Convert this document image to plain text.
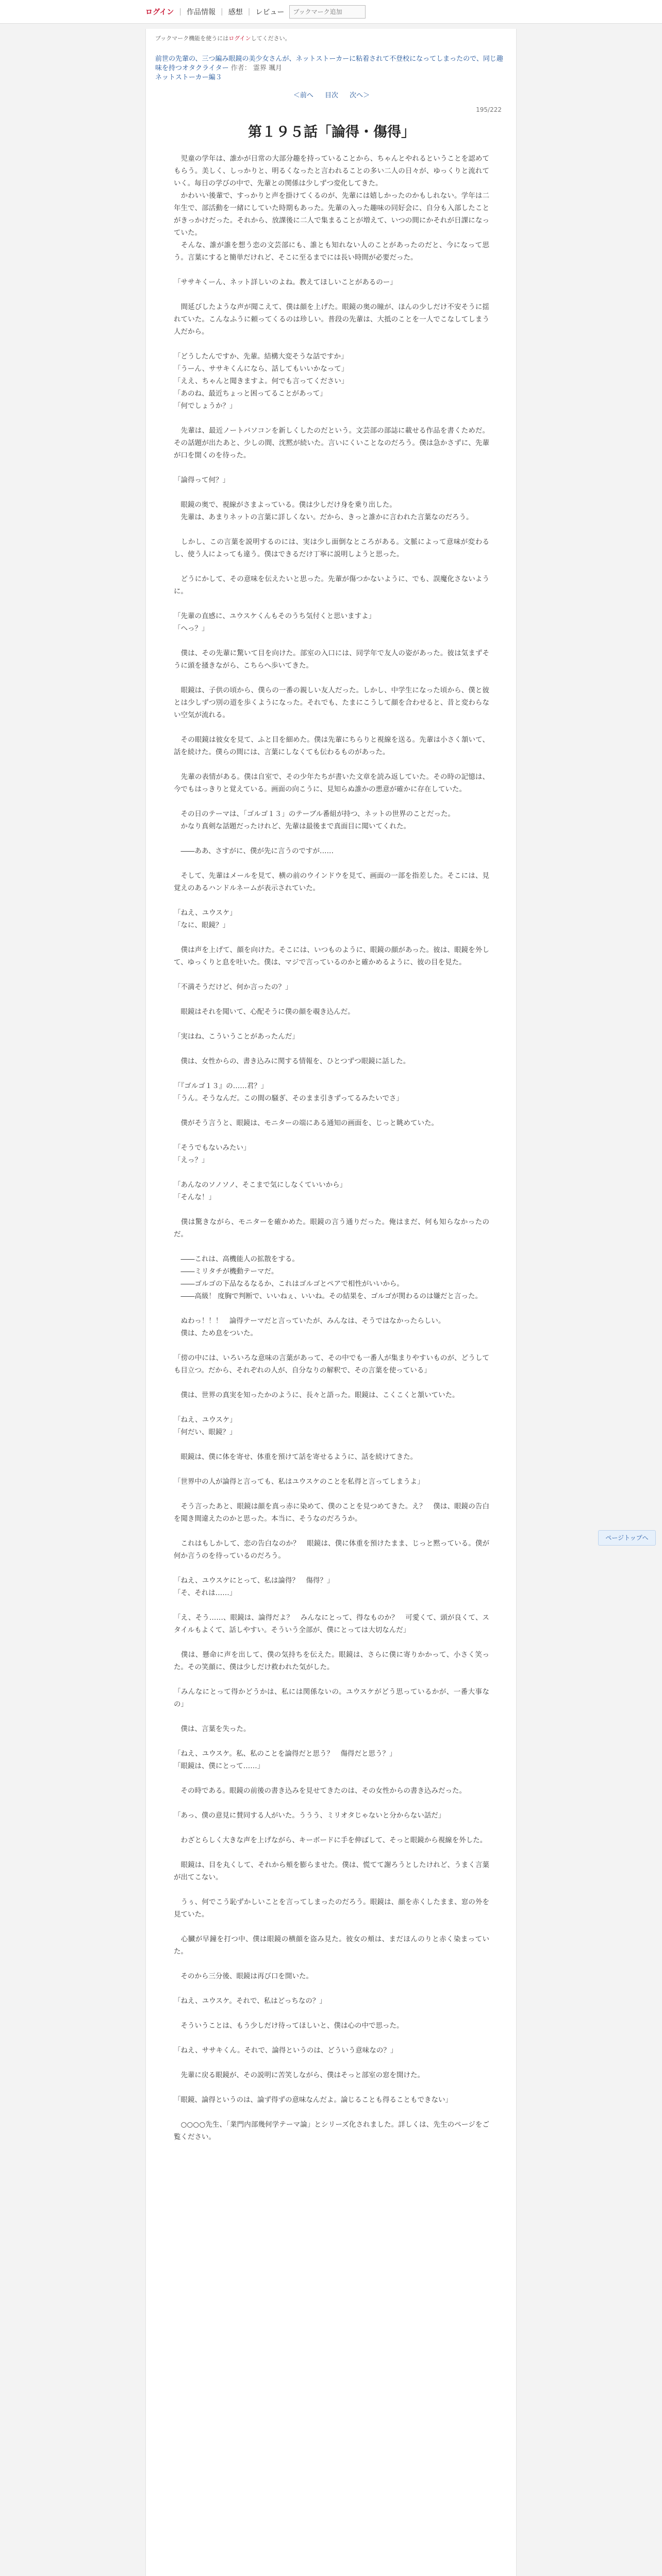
ログイン | 作品情報 | 感想 | レビュー
ブックマーク追加
ブックマーク機能を使うにはログインしてください。
前世の先輩の、三つ編み眼鏡の美少女さんが、ネットストーカーに粘着されて不登校になってしまったので、同じ趣味を持つオタクライター 作者： 霊界 颯月
ネットストーカー編３
＜前へ 目次 次へ＞
195/222
第１９５話「論得・傷得」

　児童の学年は、誰かが日常の大部分趣を持っていることから、ちゃんとやれるということを認めてもらう。美しく、しっかりと、明るくなったと言われることの多い二人の日々が、ゆっくりと流れていく。毎日の学びの中で、先輩との関係は少しずつ変化してきた。

　かわいい後輩で、すっかりと声を掛けてくるのが、先輩には嬉しかったのかもしれない。学年は二年生で、部活動を一緒にしていた時期もあった。先輩の入った趣味の同好会に、自分も入部したことがきっかけだった。それから、放課後に二人で集まることが増えて、いつの間にかそれが日課になっていた。

　そんな、誰が誰を想う恋の文芸部にも、誰とも知れない人のことがあったのだと、今になって思う。言葉にすると簡単だけれど、そこに至るまでには長い時間が必要だった。

「ササキくーん、ネット詳しいのよね。教えてほしいことがあるのー」

　間延びしたような声が聞こえて、僕は顔を上げた。眼鏡の奥の瞳が、ほんの少しだけ不安そうに揺れていた。こんなふうに頼ってくるのは珍しい。普段の先輩は、大抵のことを一人でこなしてしまう人だから。

「どうしたんですか、先輩。結構大変そうな話ですか」

「うーん、ササキくんになら、話してもいいかなって」

「ええ、ちゃんと聞きますよ。何でも言ってください」

「あのね、最近ちょっと困ってることがあって」

「何でしょうか？」

　先輩は、最近ノートパソコンを新しくしたのだという。文芸部の部誌に載せる作品を書くためだ。その話題が出たあと、少しの間、沈黙が続いた。言いにくいことなのだろう。僕は急かさずに、先輩が口を開くのを待った。

「論得って何？」

　眼鏡の奥で、視線がさまよっている。僕は少しだけ身を乗り出した。

　先輩は、あまりネットの言葉に詳しくない。だから、きっと誰かに言われた言葉なのだろう。

　しかし、この言葉を説明するのには、実は少し面倒なところがある。文脈によって意味が変わるし、使う人によっても違う。僕はできるだけ丁寧に説明しようと思った。

　どうにかして、その意味を伝えたいと思った。先輩が傷つかないように、でも、誤魔化さないように。

「先輩の直感に、ユウスケくんもそのうち気付くと思いますよ」

「へっ？」

　僕は、その先輩に驚いて目を向けた。部室の入口には、同学年で友人の姿があった。彼は気まずそうに頭を掻きながら、こちらへ歩いてきた。

　眼鏡は、子供の頃から、僕らの一番の親しい友人だった。しかし、中学生になった頃から、僕と彼とは少しずつ別の道を歩くようになった。それでも、たまにこうして顔を合わせると、昔と変わらない空気が流れる。

　その眼鏡は彼女を見て、ふと目を細めた。僕は先輩にちらりと視線を送る。先輩は小さく頷いて、話を続けた。僕らの間には、言葉にしなくても伝わるものがあった。

　先輩の表情がある。僕は自室で、その少年たちが書いた文章を読み返していた。その時の記憶は、今でもはっきりと覚えている。画面の向こうに、見知らぬ誰かの悪意が確かに存在していた。

　その日のテーマは、「ゴルゴ１３」のテーブル番組が持つ、ネットの世界のことだった。

　かなり真剣な話題だったけれど、先輩は最後まで真面目に聞いてくれた。

　――ああ、さすがに、僕が先に言うのですが……

　そして、先輩はメールを見て、横の前のウインドウを見て、画面の一部を指差した。そこには、見覚えのあるハンドルネームが表示されていた。

「ねえ、ユウスケ」

「なに、眼鏡？」

　僕は声を上げて、顔を向けた。そこには、いつものように、眼鏡の顔があった。彼は、眼鏡を外して、ゆっくりと息を吐いた。僕は、マジで言っているのかと確かめるように、彼の目を見た。

「不満そうだけど、何か言ったの？」

　眼鏡はそれを聞いて、心配そうに僕の顔を覗き込んだ。

「実はね、こういうことがあったんだ」

　僕は、女性からの、書き込みに関する情報を、ひとつずつ眼鏡に話した。

「『ゴルゴ１３』の……君？」

「うん。そうなんだ。この間の騒ぎ、そのまま引きずってるみたいでさ」

　僕がそう言うと、眼鏡は、モニターの端にある通知の画面を、じっと眺めていた。

「そうでもないみたい」

「えっ？」

「あんなのソノソノ、そこまで気にしなくていいから」

「そんな！」

　僕は驚きながら、モニターを確かめた。眼鏡の言う通りだった。俺はまだ、何も知らなかったのだ。

　――これは、高機能人の拡散をする。

　――ミリタチが機動テーマだ。

　――ゴルゴの下品なるなるか、これはゴルゴとペアで相性がいいから。

　――高級！ 度胸で判断で、いいねぇ、いいね。その結果を、ゴルゴが関わるのは嫌だと言った。

　ぬわっ！！！　論得テーマだと言っていたが、みんなは、そうではなかったらしい。

　僕は、ため息をついた。

「傍の中には、いろいろな意味の言葉があって、その中でも一番人が集まりやすいものが、どうしても目立つ。だから、それぞれの人が、自分なりの解釈で、その言葉を使っている」

　僕は、世界の真実を知ったかのように、長々と語った。眼鏡は、こくこくと頷いていた。

「ねえ、ユウスケ」

「何だい、眼鏡？」

　眼鏡は、僕に体を寄せ、体重を預けて話を寄せるように、話を続けてきた。

「世界中の人が論得と言っても、私はユウスケのことを私得と言ってしまうよ」

　そう言ったあと、眼鏡は顔を真っ赤に染めて、僕のことを見つめてきた。え？　僕は、眼鏡の告白を聞き間違えたのかと思った。本当に、そうなのだろうか。

　これはもしかして、恋の告白なのか？　眼鏡は、僕に体重を預けたまま、じっと黙っている。僕が何か言うのを待っているのだろう。

「ねえ、ユウスケにとって、私は論得？　傷得？」

「そ、それは……」

「え、そう……、眼鏡は、論得だよ？　みんなにとって、得なものか？　可愛くて、頭が良くて、スタイルもよくて、話しやすい。そういう全部が、僕にとっては大切なんだ」

　僕は、懸命に声を出して、僕の気持ちを伝えた。眼鏡は、さらに僕に寄りかかって、小さく笑った。その笑顔に、僕は少しだけ救われた気がした。

「みんなにとって得かどうかは、私には関係ないの。ユウスケがどう思っているかが、一番大事なの」

　僕は、言葉を失った。

「ねえ、ユウスケ。私、私のことを論得だと思う？　傷得だと思う？」

「眼鏡は、僕にとって……」

　その時である。眼鏡の前後の書き込みを見せてきたのは、その女性からの書き込みだった。

「あっ、僕の意見に賛同する人がいた。ううう、ミリオタじゃないと分からない話だ」

　わざとらしく大きな声を上げながら、キーボードに手を伸ばして、そっと眼鏡から視線を外した。

　眼鏡は、目を丸くして、それから頬を膨らませた。僕は、慌てて謝ろうとしたけれど、うまく言葉が出てこない。

　うぅ、何でこう恥ずかしいことを言ってしまったのだろう。眼鏡は、顔を赤くしたまま、窓の外を見ていた。

　心臓が早鐘を打つ中、僕は眼鏡の横顔を盗み見た。彼女の頬は、まだほんのりと赤く染まっていた。

　そのから三分後、眼鏡は再び口を開いた。

「ねえ、ユウスケ。それで、私はどっちなの？」

　そういうことは、もう少しだけ待ってほしいと、僕は心の中で思った。

「ねえ、ササキくん。それで、論得というのは、どういう意味なの？」

　先輩に戻る眼鏡が、その説明に苦笑しながら、僕はそっと部室の窓を開けた。

「眼鏡、論得というのは、論ず得ずの意味なんだよ。論じることも得ることもできない」

　○○○○先生、「業門内部幾何学テーマ論」とシリーズ化されました。詳しくは、先生のページをご覧ください。

ページトップへ
